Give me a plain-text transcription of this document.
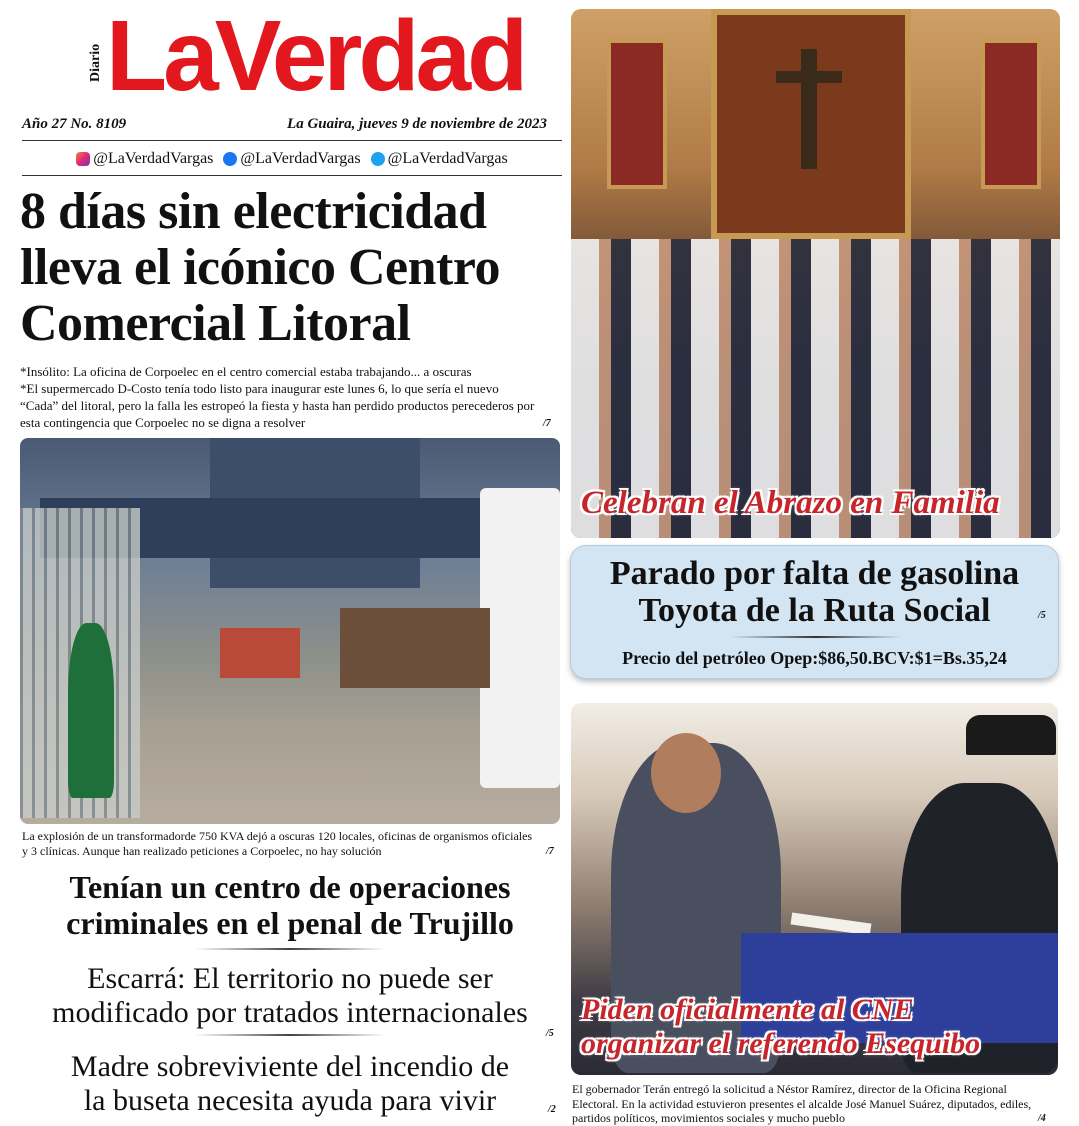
Diario LaVerdad
Año 27 No. 8109	La Guaira, jueves 9 de noviembre de 2023
@LaVerdadVargas @LaVerdadVargas @LaVerdadVargas
8 días sin electricidad
lleva el icónico Centro
Comercial Litoral
*Insólito: La oficina de Corpoelec en el centro comercial estaba trabajando... a oscuras
*El supermercado D-Costo tenía todo listo para inaugurar este lunes 6, lo que sería el nuevo “Cada” del litoral, pero la falla les estropeó la fiesta y hasta han perdido productos perecederos por esta contingencia que Corpoelec no se digna a resolver	/7
La explosión de un transformadorde 750 KVA dejó a oscuras 120 locales, oficinas de organismos oficiales y 3 clínicas. Aunque han realizado peticiones a Corpoelec, no hay solución	/7
Tenían un centro de operaciones
criminales en el penal de Trujillo
Escarrá: El territorio no puede ser
modificado por tratados internacionales
/5
Madre sobreviviente del incendio de
la buseta necesita ayuda para vivir	/2
Celebran el Abrazo en Familia
Parado por falta de gasolina
Toyota de la Ruta Social	/5
Precio del petróleo Opep:$86,50.BCV:$1=Bs.35,24
Piden oficialmente al CNE
organizar el referendo Esequibo
El gobernador Terán entregó la solicitud a Néstor Ramírez, director de la Oficina Regional Electoral. En la actividad estuvieron presentes el alcalde José Manuel Suárez, diputados, ediles, partidos políticos, movimientos sociales y mucho pueblo	/4
